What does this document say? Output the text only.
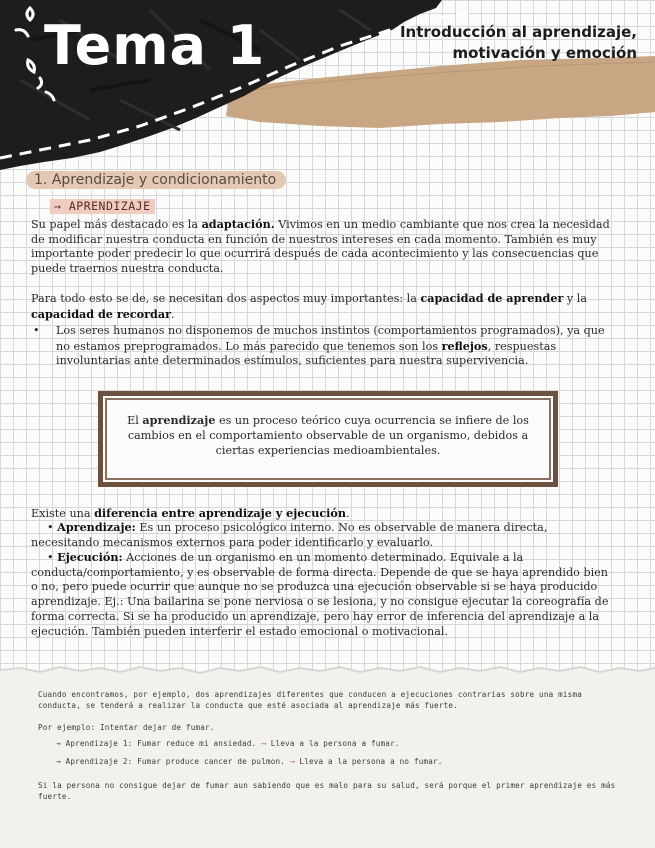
Tema 1	Introducción al aprendizaje,
motivación y emoción
1. Aprendizaje y condicionamiento
→ APRENDIZAJE
Su papel más destacado es la adaptación. Vivimos en un medio cambiante que nos crea la necesidad de modificar nuestra conducta en función de nuestros intereses en cada momento. También es muy importante poder predecir lo que ocurrirá después de cada acontecimiento y las consecuencias que puede traernos nuestra conducta.
Para todo esto se de, se necesitan dos aspectos muy importantes: la capacidad de aprender y la capacidad de recordar.
•	Los seres humanos no disponemos de muchos instintos (comportamientos programados), ya que no estamos preprogramados. Lo más parecido que tenemos son los reflejos, respuestas involuntarias ante determinados estímulos, suficientes para nuestra supervivencia.
El aprendizaje es un proceso teórico cuya ocurrencia se infiere de los cambios en el comportamiento observable de un organismo, debidos a ciertas experiencias medioambientales.
Existe una diferencia entre aprendizaje y ejecución.
• Aprendizaje: Es un proceso psicológico interno. No es observable de manera directa, necesitando mecanismos externos para poder identificarlo y evaluarlo.
• Ejecución: Acciones de un organismo en un momento determinado. Equivale a la conducta/comportamiento, y es observable de forma directa. Depende de que se haya aprendido bien o no, pero puede ocurrir que aunque no se produzca una ejecución observable si se haya producido aprendizaje. Ej.: Una bailarina se pone nerviosa o se lesiona, y no consigue ejecutar la coreografía de forma correcta. Si se ha producido un aprendizaje, pero hay error de inferencia del aprendizaje a la ejecución. También pueden interferir el estado emocional o motivacional.
Cuando encontramos, por ejemplo, dos aprendizajes diferentes que conducen a ejecuciones contrarias sobre una misma conducta, se tenderá a realizar la conducta que esté asociada al aprendizaje más fuerte.
Por ejemplo: Intentar dejar de fumar.
→ Aprendizaje 1: Fumar reduce mi ansiedad. ⟶ Lleva a la persona a fumar.
→ Aprendizaje 2: Fumar produce cancer de pulmon. ⟶ Lleva a la persona a no fumar.
Si la persona no consigue dejar de fumar aun sabiendo que es malo para su salud, será porque el primer aprendizaje es más fuerte.
